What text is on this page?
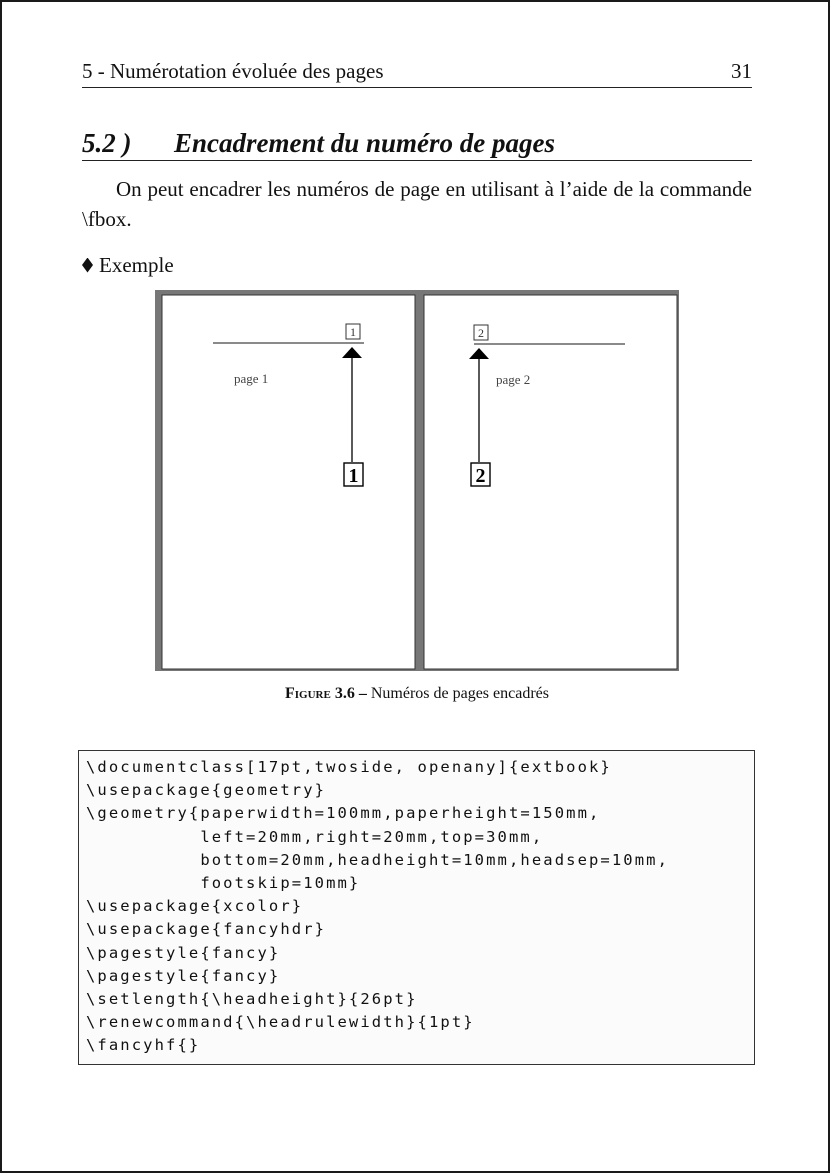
5 - Numérotation évoluée des pages	31
5.2 )	Encadrement du numéro de pages
On peut encadrer les numéros de page en utilisant à l’aide de la commande \fbox.
Exemple
1
page 1
1
2
page 2
2
Figure 3.6 – Numéros de pages encadrés
\documentclass[17pt,twoside, openany]{extbook}
\usepackage{geometry}
\geometry{paperwidth=100mm,paperheight=150mm,
left=20mm,right=20mm,top=30mm,
bottom=20mm,headheight=10mm,headsep=10mm,
footskip=10mm}
\usepackage{xcolor}
\usepackage{fancyhdr}
\pagestyle{fancy}
\pagestyle{fancy}
\setlength{\headheight}{26pt}
\renewcommand{\headrulewidth}{1pt}
\fancyhf{}
